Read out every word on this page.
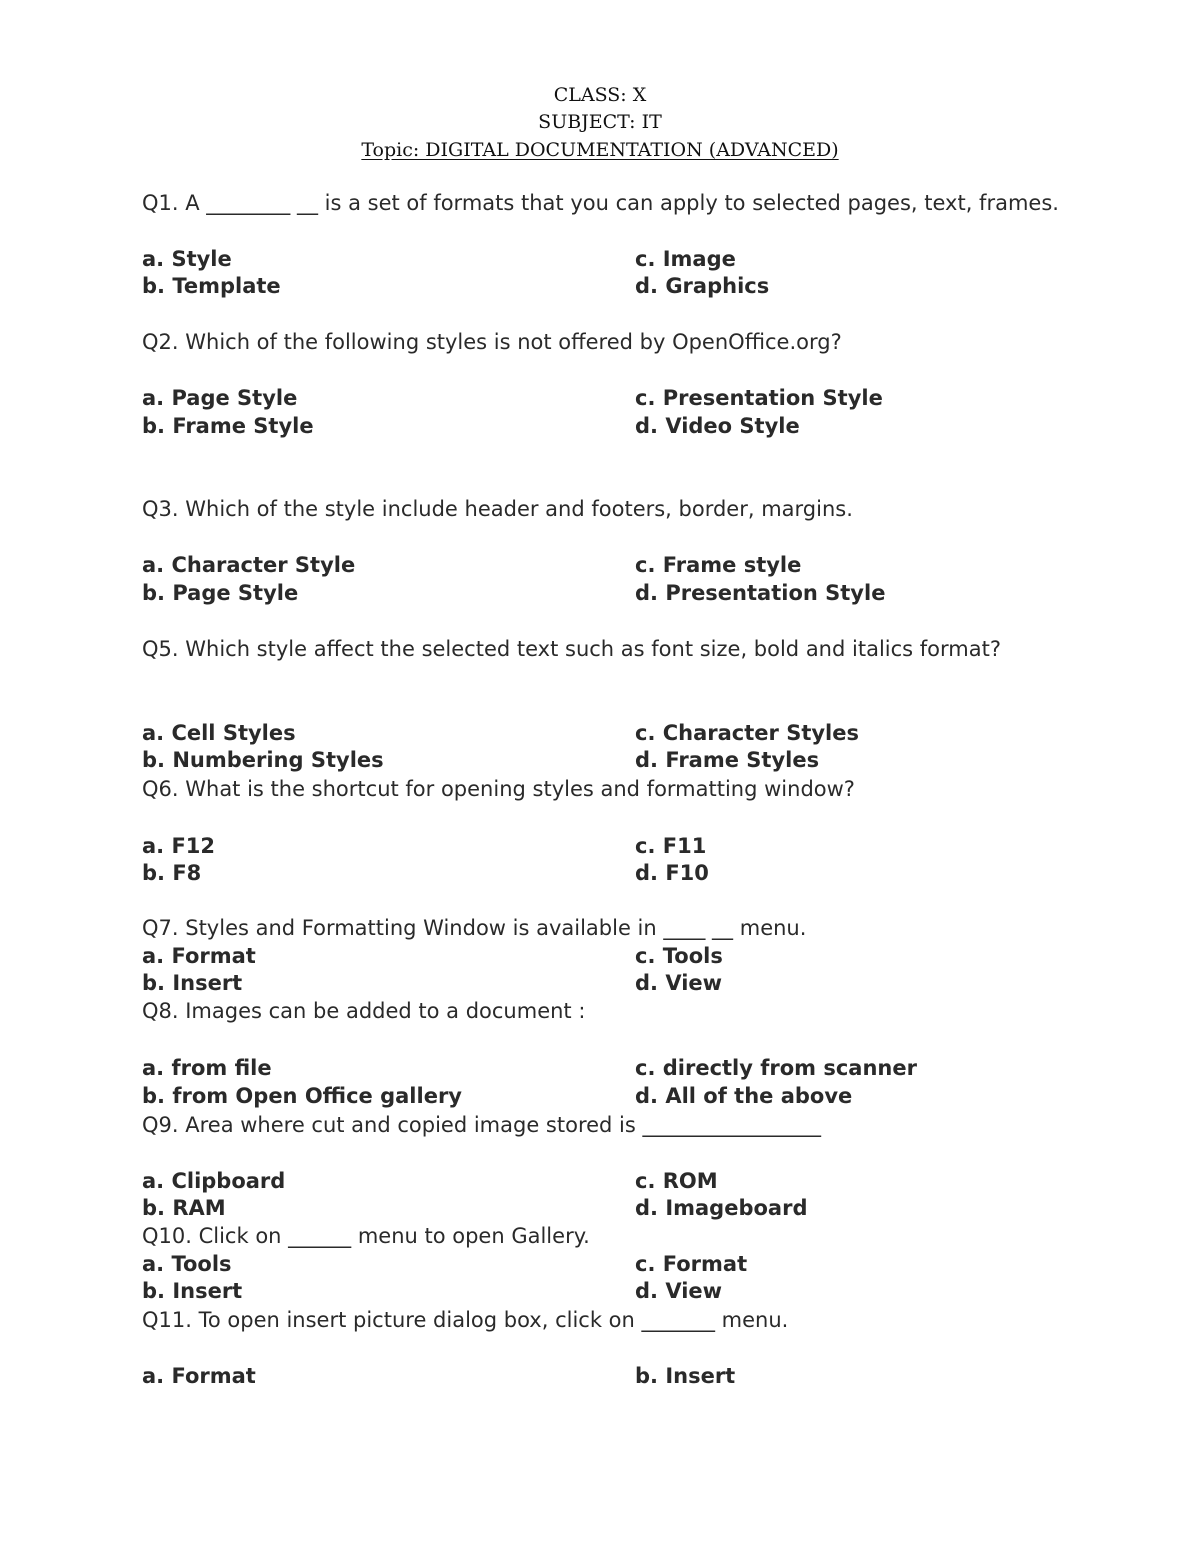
CLASS: X
SUBJECT: IT
Topic: DIGITAL DOCUMENTATION (ADVANCED)
Q1. A ________ __ is a set of formats that you can apply to selected pages, text, frames.
a. Style
b. Template
c. Image
d. Graphics
Q2. Which of the following styles is not offered by OpenOffice.org?
a. Page Style
b. Frame Style
c. Presentation Style
d. Video Style
Q3. Which of the style include header and footers, border, margins.
a. Character Style
b. Page Style
c. Frame style
d. Presentation Style
Q5. Which style affect the selected text such as font size, bold and italics format?
a. Cell Styles
b. Numbering Styles
c. Character Styles
d. Frame Styles
Q6. What is the shortcut for opening styles and formatting window?
a. F12
b. F8
c. F11
d. F10
Q7. Styles and Formatting Window is available in ____ __ menu.
a. Format
b. Insert
c. Tools
d. View
Q8. Images can be added to a document :
a. from file
b. from Open Office gallery
c. directly from scanner
d. All of the above
Q9. Area where cut and copied image stored is _________________
a. Clipboard
b. RAM
c. ROM
d. Imageboard
Q10. Click on ______ menu to open Gallery.
a. Tools
b. Insert
c. Format
d. View
Q11. To open insert picture dialog box, click on _______ menu.
a. Format	b. Insert
